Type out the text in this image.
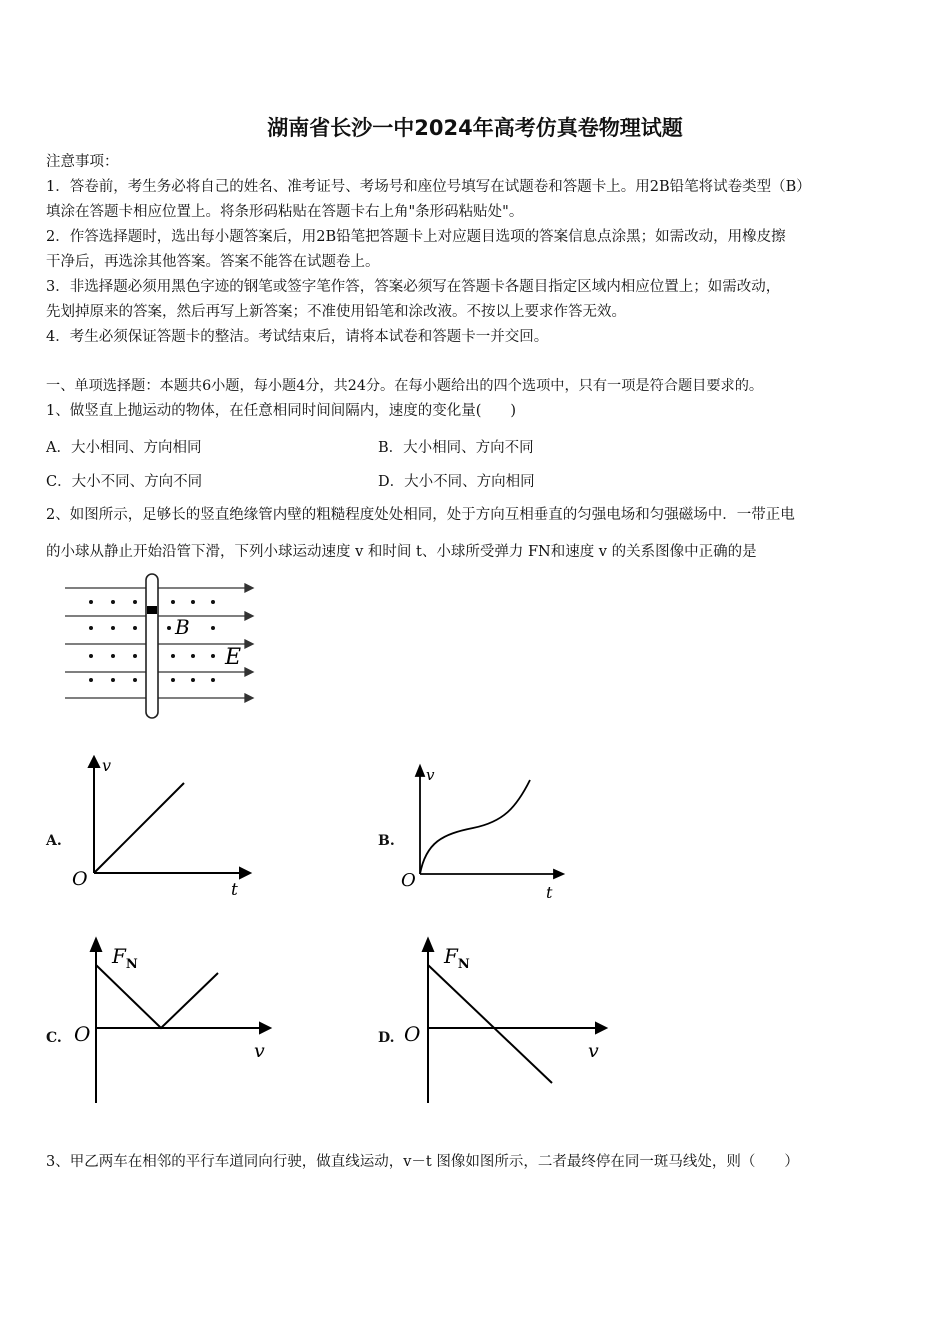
湖南省长沙一中2024年高考仿真卷物理试题
注意事项：
1．答卷前，考生务必将自己的姓名、准考证号、考场号和座位号填写在试题卷和答题卡上。用2B铅笔将试卷类型（B）
填涂在答题卡相应位置上。将条形码粘贴在答题卡右上角"条形码粘贴处"。
2．作答选择题时，选出每小题答案后，用2B铅笔把答题卡上对应题目选项的答案信息点涂黑；如需改动，用橡皮擦
干净后，再选涂其他答案。答案不能答在试题卷上。
3．非选择题必须用黑色字迹的钢笔或签字笔作答，答案必须写在答题卡各题目指定区域内相应位置上；如需改动，
先划掉原来的答案，然后再写上新答案；不准使用铅笔和涂改液。不按以上要求作答无效。
4．考生必须保证答题卡的整洁。考试结束后，请将本试卷和答题卡一并交回。
一、单项选择题：本题共6小题，每小题4分，共24分。在每小题给出的四个选项中，只有一项是符合题目要求的。
1、做竖直上抛运动的物体，在任意相同时间间隔内，速度的变化量(　　)
A．大小相同、方向相同	B．大小相同、方向不同
C．大小不同、方向不同	D．大小不同、方向相同
2、如图所示，足够长的竖直绝缘管内壁的粗糙程度处处相同，处于方向互相垂直的匀强电场和匀强磁场中．一带正电
的小球从静止开始沿管下滑，下列小球运动速度 v 和时间 t、小球所受弹力 FN和速度 v 的关系图像中正确的是
B
E
A.
v
O	t
B.
v
O
t
C.
$F_N$
O
v
D.
$F_N$
O
v
3、甲乙两车在相邻的平行车道同向行驶，做直线运动，v－t 图像如图所示，二者最终停在同一斑马线处，则（　　）
